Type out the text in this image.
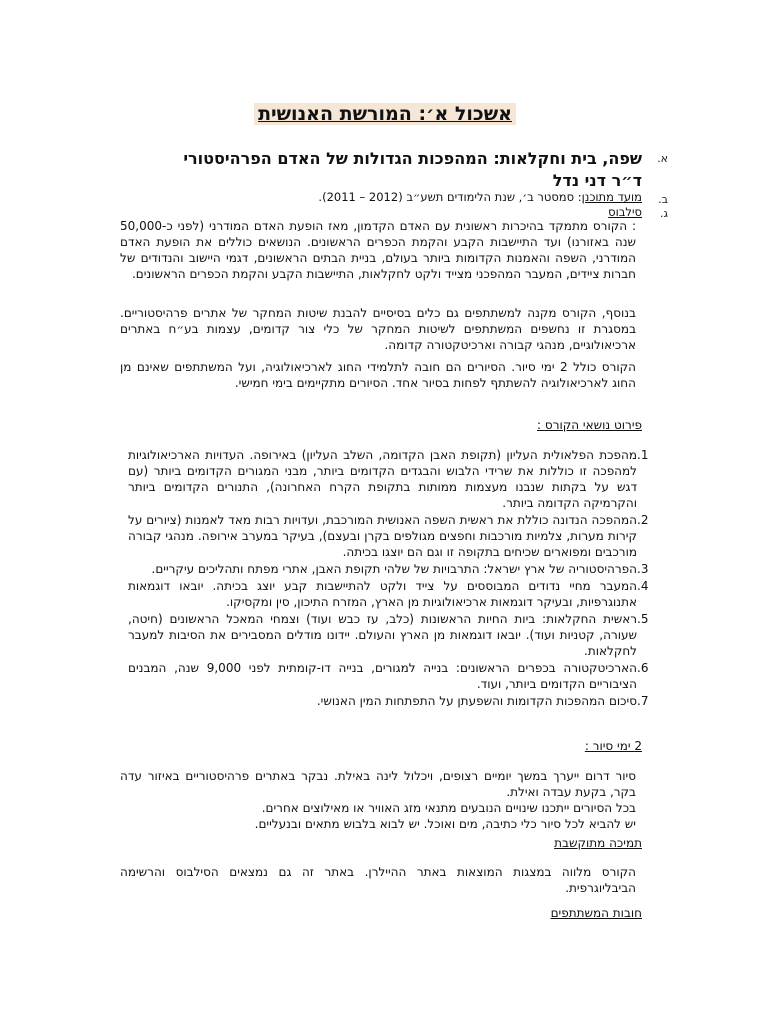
אשכול א׳: המורשת האנושית
א.
ב.
ג.
שפה, בית וחקלאות: המהפכות הגדולות של האדם הפרהיסטורי
ד״ר דני נדל
מועד מתוכנן: סמסטר ב׳, שנת הלימודים תשע״ב (2012 – 2011).
סילבוס
: הקורס מתמקד בהיכרות ראשונית עם האדם הקדמון, מאז הופעת האדם המודרני (לפני כ-50,000 שנה באזורנו) ועד התיישבות הקבע והקמת הכפרים הראשונים. הנושאים כוללים את הופעת האדם המודרני, השפה והאמנות הקדומות ביותר בעולם, בניית הבתים הראשונים, דגמי היישוב והנדודים של חברות ציידים, המעבר המהפכני מצייד ולקט לחקלאות, התיישבות הקבע והקמת הכפרים הראשונים.
בנוסף, הקורס מקנה למשתתפים גם כלים בסיסיים להבנת שיטות המחקר של אתרים פרהיסטוריים. במסגרת זו נחשפים המשתתפים לשיטות המחקר של כלי צור קדומים, עצמות בע״ח באתרים ארכיאולוגיים, מנהגי קבורה וארכיטקטורה קדומה.
הקורס כולל 2 ימי סיור. הסיורים הם חובה לתלמידי החוג לארכיאולוגיה, ועל המשתתפים שאינם מן החוג לארכיאולוגיה להשתתף לפחות בסיור אחד. הסיורים מתקיימים בימי חמישי.
פירוט נושאי הקורס :
1.
מהפכת הפלאולית העליון (תקופת האבן הקדומה, השלב העליון) באירופה. העדויות הארכיאולוגיות למהפכה זו כוללות את שרידי הלבוש והבגדים הקדומים ביותר, מבני המגורים הקדומים ביותר (עם דגש על בקתות שנבנו מעצמות ממותות בתקופת הקרח האחרונה), התנורים הקדומים ביותר והקרמיקה הקדומה ביותר.
2.
המהפכה הנדונה כוללת את ראשית השפה האנושית המורכבת, ועדויות רבות מאד לאמנות (ציורים על קירות מערות, צלמיות מורכבות וחפצים מגולפים בקרן ובעצם), בעיקר במערב אירופה. מנהגי קבורה מורכבים ומפוארים שכיחים בתקופה זו וגם הם יוצגו בכיתה.
3.
הפרהיסטוריה של ארץ ישראל: התרבויות של שלהי תקופת האבן, אתרי מפתח ותהליכים עיקריים.
4.
המעבר מחיי נדודים המבוססים על צייד ולקט להתיישבות קבע יוצג בכיתה. יובאו דוגמאות אתנוגרפיות, ובעיקר דוגמאות ארכיאולוגיות מן הארץ, המזרח התיכון, סין ומקסיקו.
5.
ראשית החקלאות: ביות החיות הראשונות (כלב, עז כבש ועוד) וצמחי המאכל הראשונים (חיטה, שעורה, קטניות ועוד). יובאו דוגמאות מן הארץ והעולם. יידונו מודלים המסבירים את הסיבות למעבר לחקלאות.
6.
הארכיטקטורה בכפרים הראשונים: בנייה למגורים, בנייה דו-קומתית לפני 9,000 שנה, המבנים הציבוריים הקדומים ביותר, ועוד.
7.
סיכום המהפכות הקדומות והשפעתן על התפתחות המין האנושי.
2 ימי סיור :
סיור דרום ייערך במשך יומיים רצופים, ויכלול לינה באילת. נבקר באתרים פרהיסטוריים באיזור עדה בקר, בקעת עבדה ואילת.
בכל הסיורים ייתכנו שינויים הנובעים מתנאי מזג האוויר או מאילוצים אחרים.
יש להביא לכל סיור כלי כתיבה, מים ואוכל. יש לבוא בלבוש מתאים ובנעליים.
תמיכה מתוקשבת
הקורס מלווה במצגות המוצאות באתר ההיילרן. באתר זה גם נמצאים הסילבוס והרשימה הביבליוגרפית.
חובות המשתתפים
